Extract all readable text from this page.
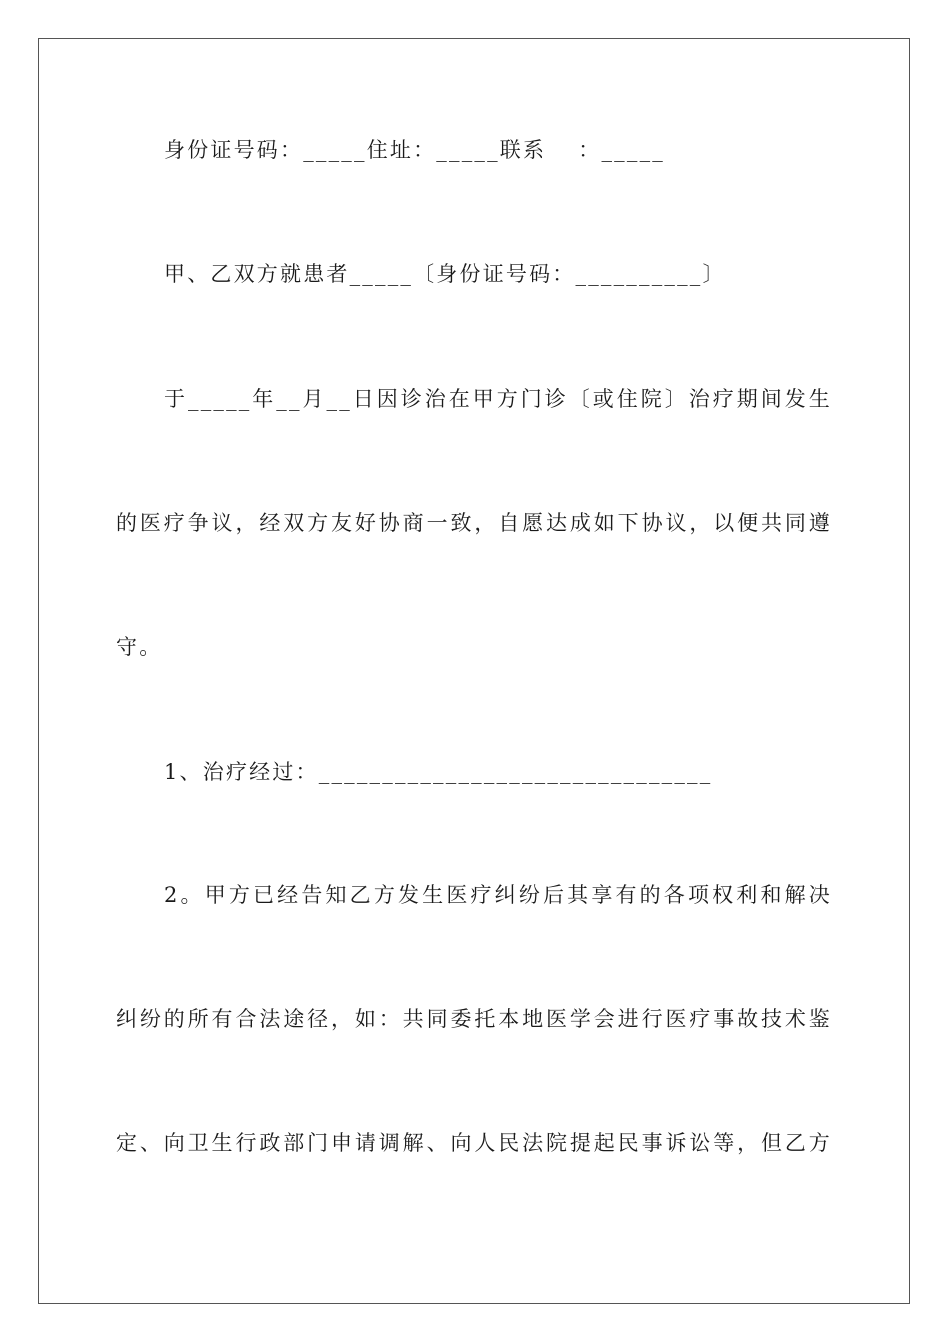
身份证号码：_____住址：_____联系　 ：_____
甲、乙双方就患者_____〔身份证号码：__________〕
于_____年__月__日因诊治在甲方门诊〔或住院〕治疗期间发生
的医疗争议，经双方友好协商一致，自愿达成如下协议，以便共同遵
守。
1、治疗经过：_______________________________
2。甲方已经告知乙方发生医疗纠纷后其享有的各项权利和解决
纠纷的所有合法途径，如：共同委托本地医学会进行医疗事故技术鉴
定、向卫生行政部门申请调解、向人民法院提起民事诉讼等，但乙方
